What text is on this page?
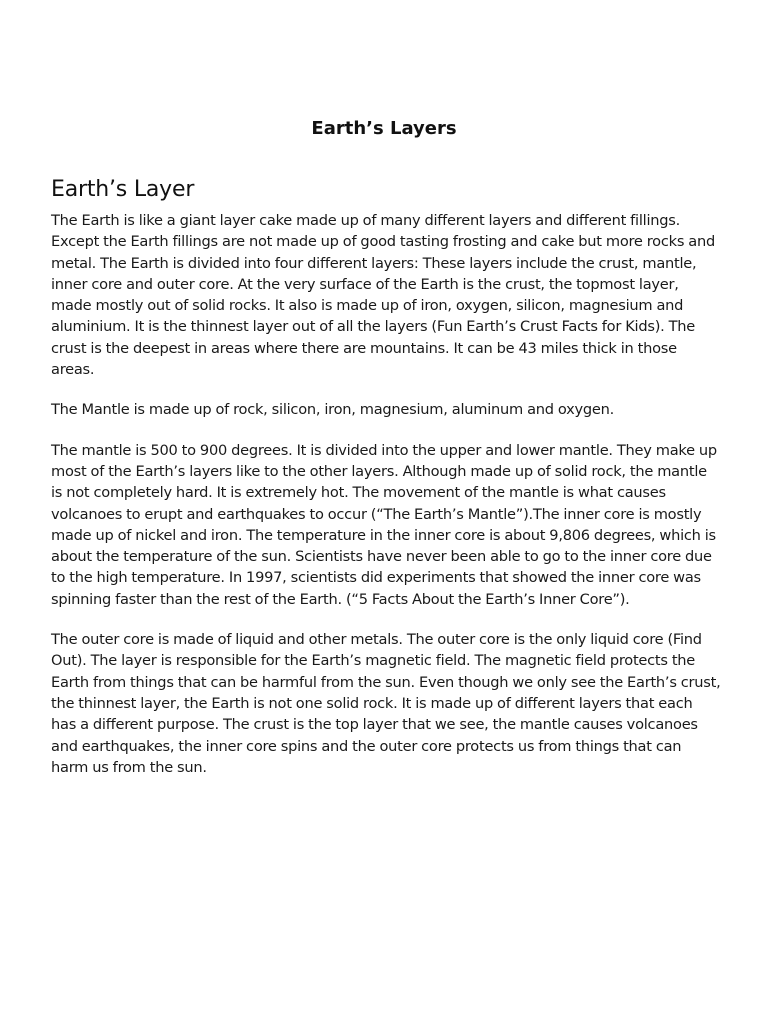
Earth’s Layers
Earth’s Layer

The Earth is like a giant layer cake made up of many different layers and different fillings. Except the Earth fillings are not made up of good tasting frosting and cake but more rocks and metal. The Earth is divided into four different layers: These layers include the crust, mantle, inner core and outer core. At the very surface of the Earth is the crust, the topmost layer, made mostly out of solid rocks. It also is made up of iron, oxygen, silicon, magnesium and aluminium. It is the thinnest layer out of all the layers (Fun Earth’s Crust Facts for Kids). The crust is the deepest in areas where there are mountains. It can be 43 miles thick in those areas.

The Mantle is made up of rock, silicon, iron, magnesium, aluminum and oxygen.

The mantle is 500 to 900 degrees. It is divided into the upper and lower mantle. They make up most of the Earth’s layers like to the other layers. Although made up of solid rock, the mantle is not completely hard. It is extremely hot. The movement of the mantle is what causes volcanoes to erupt and earthquakes to occur (“The Earth’s Mantle”).The inner core is mostly made up of nickel and iron. The temperature in the inner core is about 9,806 degrees, which is about the temperature of the sun. Scientists have never been able to go to the inner core due to the high temperature. In 1997, scientists did experiments that showed the inner core was spinning faster than the rest of the Earth. (“5 Facts About the Earth’s Inner Core”).

The outer core is made of liquid and other metals. The outer core is the only liquid core (Find Out). The layer is responsible for the Earth’s magnetic field. The magnetic field protects the Earth from things that can be harmful from the sun. Even though we only see the Earth’s crust, the thinnest layer, the Earth is not one solid rock. It is made up of different layers that each has a different purpose. The crust is the top layer that we see, the mantle causes volcanoes and earthquakes, the inner core spins and the outer core protects us from things that can harm us from the sun.
